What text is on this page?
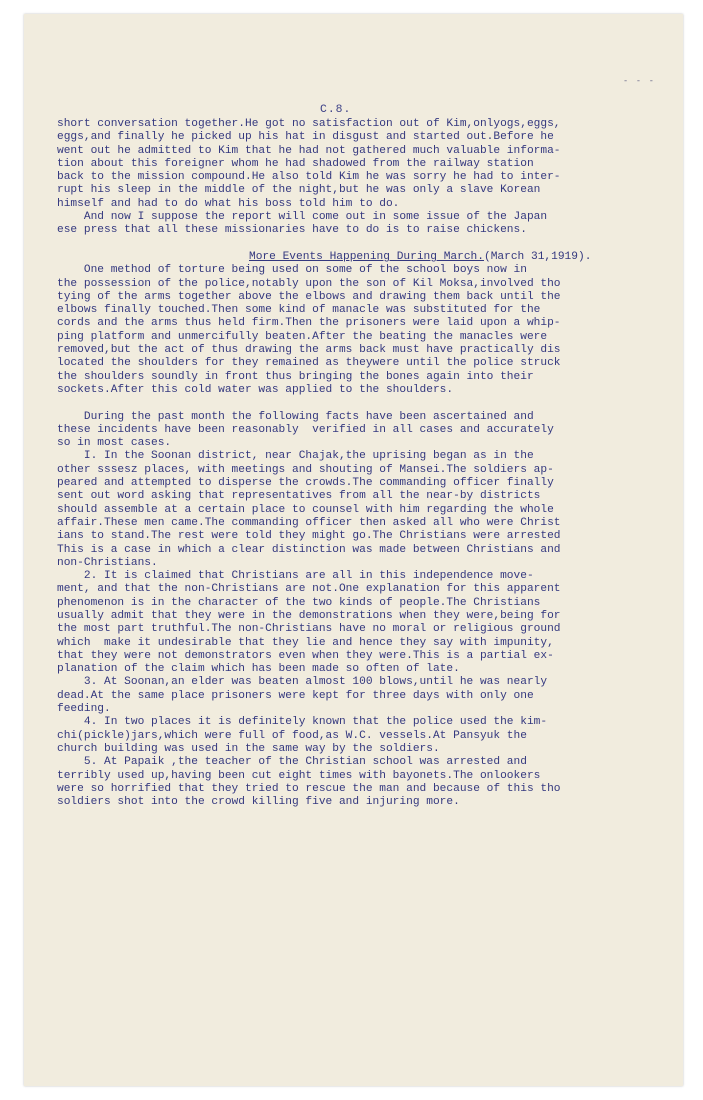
- - -
C.8.
short conversation together.He got no satisfaction out of Kim,onlyogs,eggs,
eggs,and finally he picked up his hat in disgust and started out.Before he
went out he admitted to Kim that he had not gathered much valuable informa-
tion about this foreigner whom he had shadowed from the railway station
back to the mission compound.He also told Kim he was sorry he had to inter-
rupt his sleep in the middle of the night,but he was only a slave Korean
himself and had to do what his boss told him to do.
And now I suppose the report will come out in some issue of the Japan
ese press that all these missionaries have to do is to raise chickens.
More Events Happening During March.(March 31,1919).
One method of torture being used on some of the school boys now in
the possession of the police,notably upon the son of Kil Moksa,involved tho
tying of the arms together above the elbows and drawing them back until the
elbows finally touched.Then some kind of manacle was substituted for the
cords and the arms thus held firm.Then the prisoners were laid upon a whip-
ping platform and unmercifully beaten.After the beating the manacles were
removed,but the act of thus drawing the arms back must have practically dis
located the shoulders for they remained as theywere until the police struck
the shoulders soundly in front thus bringing the bones again into their
sockets.After this cold water was applied to the shoulders.
During the past month the following facts have been ascertained and
these incidents have been reasonably  verified in all cases and accurately
so in most cases.
I. In the Soonan district, near Chajak,the uprising began as in the
other sssesz places, with meetings and shouting of Mansei.The soldiers ap-
peared and attempted to disperse the crowds.The commanding officer finally
sent out word asking that representatives from all the near-by districts
should assemble at a certain place to counsel with him regarding the whole
affair.These men came.The commanding officer then asked all who were Christ
ians to stand.The rest were told they might go.The Christians were arrested
This is a case in which a clear distinction was made between Christians and
non-Christians.
2. It is claimed that Christians are all in this independence move-
ment, and that the non-Christians are not.One explanation for this apparent
phenomenon is in the character of the two kinds of people.The Christians
usually admit that they were in the demonstrations when they were,being for
the most part truthful.The non-Christians have no moral or religious ground
which  make it undesirable that they lie and hence they say with impunity,
that they were not demonstrators even when they were.This is a partial ex-
planation of the claim which has been made so often of late.
3. At Soonan,an elder was beaten almost 100 blows,until he was nearly
dead.At the same place prisoners were kept for three days with only one
feeding.
4. In two places it is definitely known that the police used the kim-
chi(pickle)jars,which were full of food,as W.C. vessels.At Pansyuk the
church building was used in the same way by the soldiers.
5. At Papaik ,the teacher of the Christian school was arrested and
terribly used up,having been cut eight times with bayonets.The onlookers
were so horrified that they tried to rescue the man and because of this tho
soldiers shot into the crowd killing five and injuring more.
